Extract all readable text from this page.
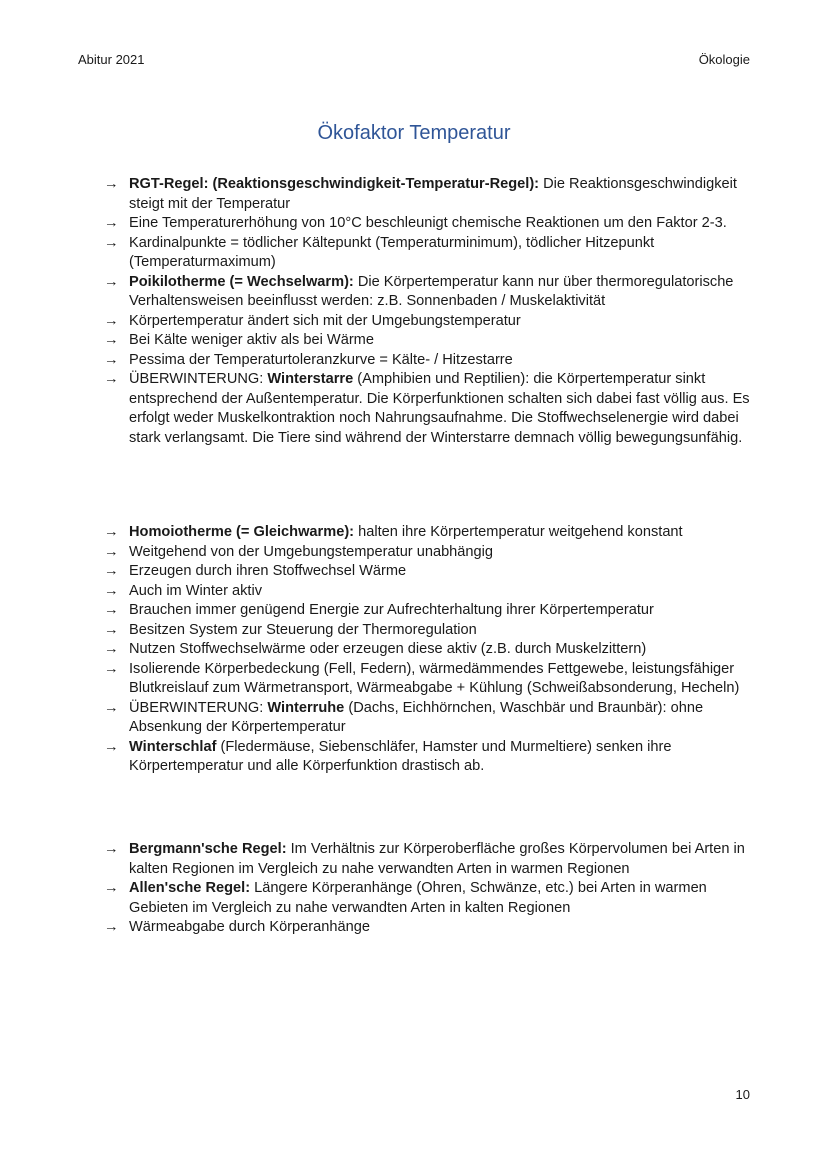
Abitur 2021	Ökologie
Ökofaktor Temperatur
→ RGT-Regel: (Reaktionsgeschwindigkeit-Temperatur-Regel): Die Reaktionsgeschwindigkeit steigt mit der Temperatur
→ Eine Temperaturerhöhung von 10°C beschleunigt chemische Reaktionen um den Faktor 2-3.
→ Kardinalpunkte = tödlicher Kältepunkt (Temperaturminimum), tödlicher Hitzepunkt (Temperaturmaximum)
→ Poikilotherme (= Wechselwarm): Die Körpertemperatur kann nur über thermoregulatorische Verhaltensweisen beeinflusst werden: z.B. Sonnenbaden / Muskelaktivität
→ Körpertemperatur ändert sich mit der Umgebungstemperatur
→ Bei Kälte weniger aktiv als bei Wärme
→ Pessima der Temperaturtoleranzkurve = Kälte- / Hitzestarre
→ ÜBERWINTERUNG: Winterstarre (Amphibien und Reptilien): die Körpertemperatur sinkt entsprechend der Außentemperatur. Die Körperfunktionen schalten sich dabei fast völlig aus. Es erfolgt weder Muskelkontraktion noch Nahrungsaufnahme. Die Stoffwechselenergie wird dabei stark verlangsamt. Die Tiere sind während der Winterstarre demnach völlig bewegungsunfähig.
→ Homoiotherme (= Gleichwarme): halten ihre Körpertemperatur weitgehend konstant
→ Weitgehend von der Umgebungstemperatur unabhängig
→ Erzeugen durch ihren Stoffwechsel Wärme
→ Auch im Winter aktiv
→ Brauchen immer genügend Energie zur Aufrechterhaltung ihrer Körpertemperatur
→ Besitzen System zur Steuerung der Thermoregulation
→ Nutzen Stoffwechselwärme oder erzeugen diese aktiv (z.B. durch Muskelzittern)
→ Isolierende Körperbedeckung (Fell, Federn), wärmedämmendes Fettgewebe, leistungsfähiger Blutkreislauf zum Wärmetransport, Wärmeabgabe + Kühlung (Schweißabsonderung, Hecheln)
→ ÜBERWINTERUNG: Winterruhe (Dachs, Eichhörnchen, Waschbär und Braunbär): ohne Absenkung der Körpertemperatur
→ Winterschlaf (Fledermäuse, Siebenschläfer, Hamster und Murmeltiere) senken ihre Körpertemperatur und alle Körperfunktion drastisch ab.
→ Bergmann'sche Regel: Im Verhältnis zur Körperoberfläche großes Körpervolumen bei Arten in kalten Regionen im Vergleich zu nahe verwandten Arten in warmen Regionen
→ Allen'sche Regel: Längere Körperanhänge (Ohren, Schwänze, etc.) bei Arten in warmen Gebieten im Vergleich zu nahe verwandten Arten in kalten Regionen
→ Wärmeabgabe durch Körperanhänge
10
